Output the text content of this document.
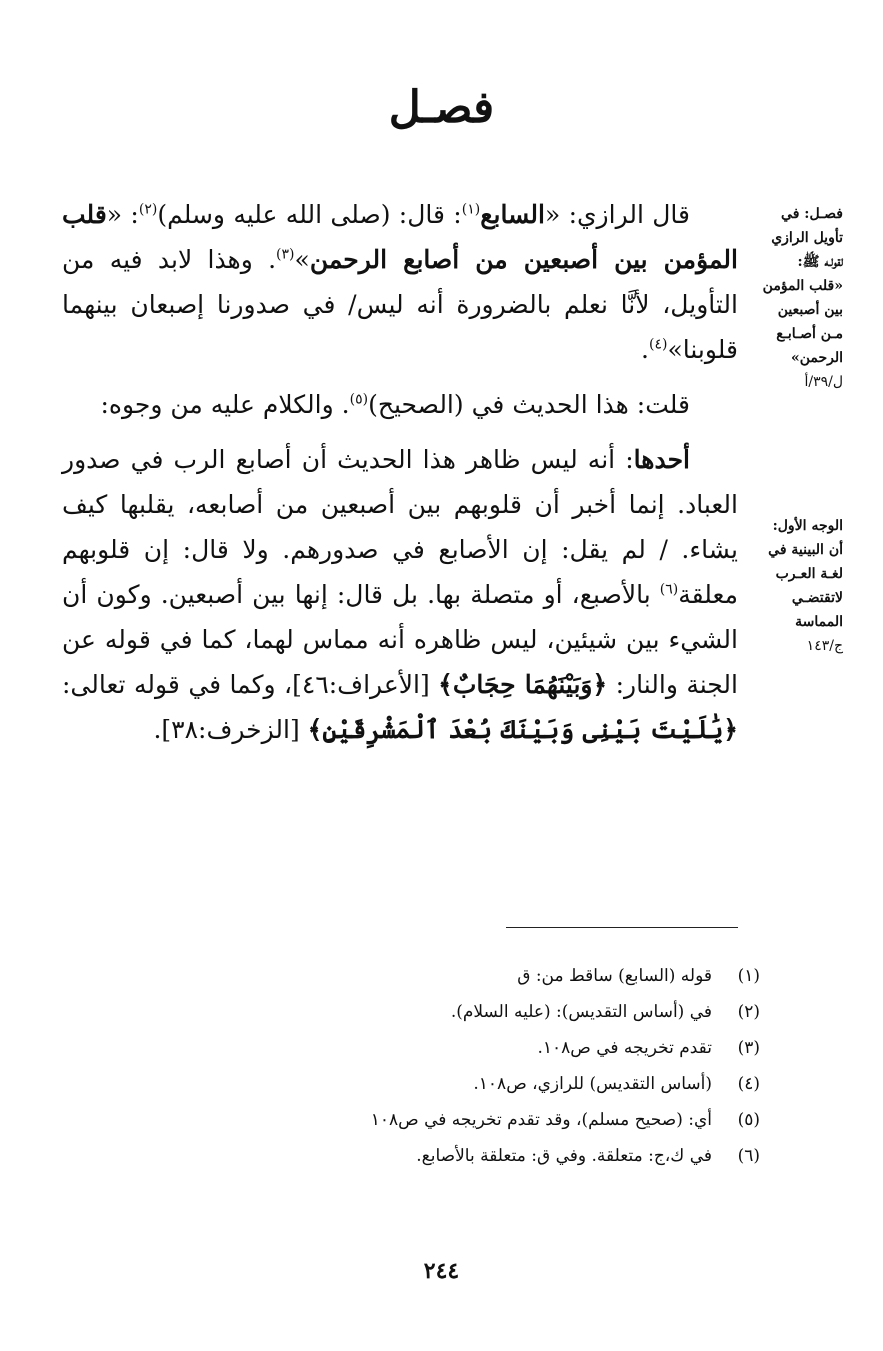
فصـل
فصـل: في
تأويل الرازي
لقولـه ﷺ:
«قلب المؤمن
بين أصبعين
مـن أصـابـع
الرحمن»
ل/٣٩/أ
الوجه الأول:
أن البينية في
لغـة العـرب
لاتقتضـي
المماسة
ج/١٤٣

قال الرازي: «السابع$^{(١)}$: قال: (صلى الله عليه وسلم)$^{(٢)}$: «قلب المؤمن بين أصبعين من أصابع الرحمن»$^{(٣)}$. وهذا لابد فيه من التأويل، لأنَّا نعلم بالضرورة أنه ليس/ في صدورنا إصبعان بينهما قلوبنا»$^{(٤)}$.

قلت: هذا الحديث في (الصحيح)$^{(٥)}$. والكلام عليه من وجوه:

أحدها: أنه ليس ظاهر هذا الحديث أن أصابع الرب في صدور العباد. إنما أخبر أن قلوبهم بين أصبعين من أصابعه، يقلبها كيف يشاء. / لم يقل: إن الأصابع في صدورهم. ولا قال: إن قلوبهم معلقة$^{(٦)}$ بالأصبع، أو متصلة بها. بل قال: إنها بين أصبعين. وكون أن الشيء بين شيئين، ليس ظاهره أنه مماس لهما، كما في قوله عن الجنة والنار: ﴿وَبَيْنَهُمَا حِجَابٌ﴾ [الأعراف:٤٦]، وكما في قوله تعالى: ﴿يَٰلَيْتَ بَيْنِى وَبَيْنَكَ بُعْدَ ٱلْمَشْرِقَيْنِ﴾ [الزخرف:٣٨].

(١)
قوله (السابع) ساقط من: ق
(٢)
في (أساس التقديس): (عليه السلام).
(٣)
تقدم تخريجه في ص١٠٨.
(٤)
(أساس التقديس) للرازي، ص١٠٨.
(٥)
أي: (صحيح مسلم)، وقد تقدم تخريجه في ص١٠٨
(٦)
في ك،ج: متعلقة. وفي ق: متعلقة بالأصابع.
٢٤٤
